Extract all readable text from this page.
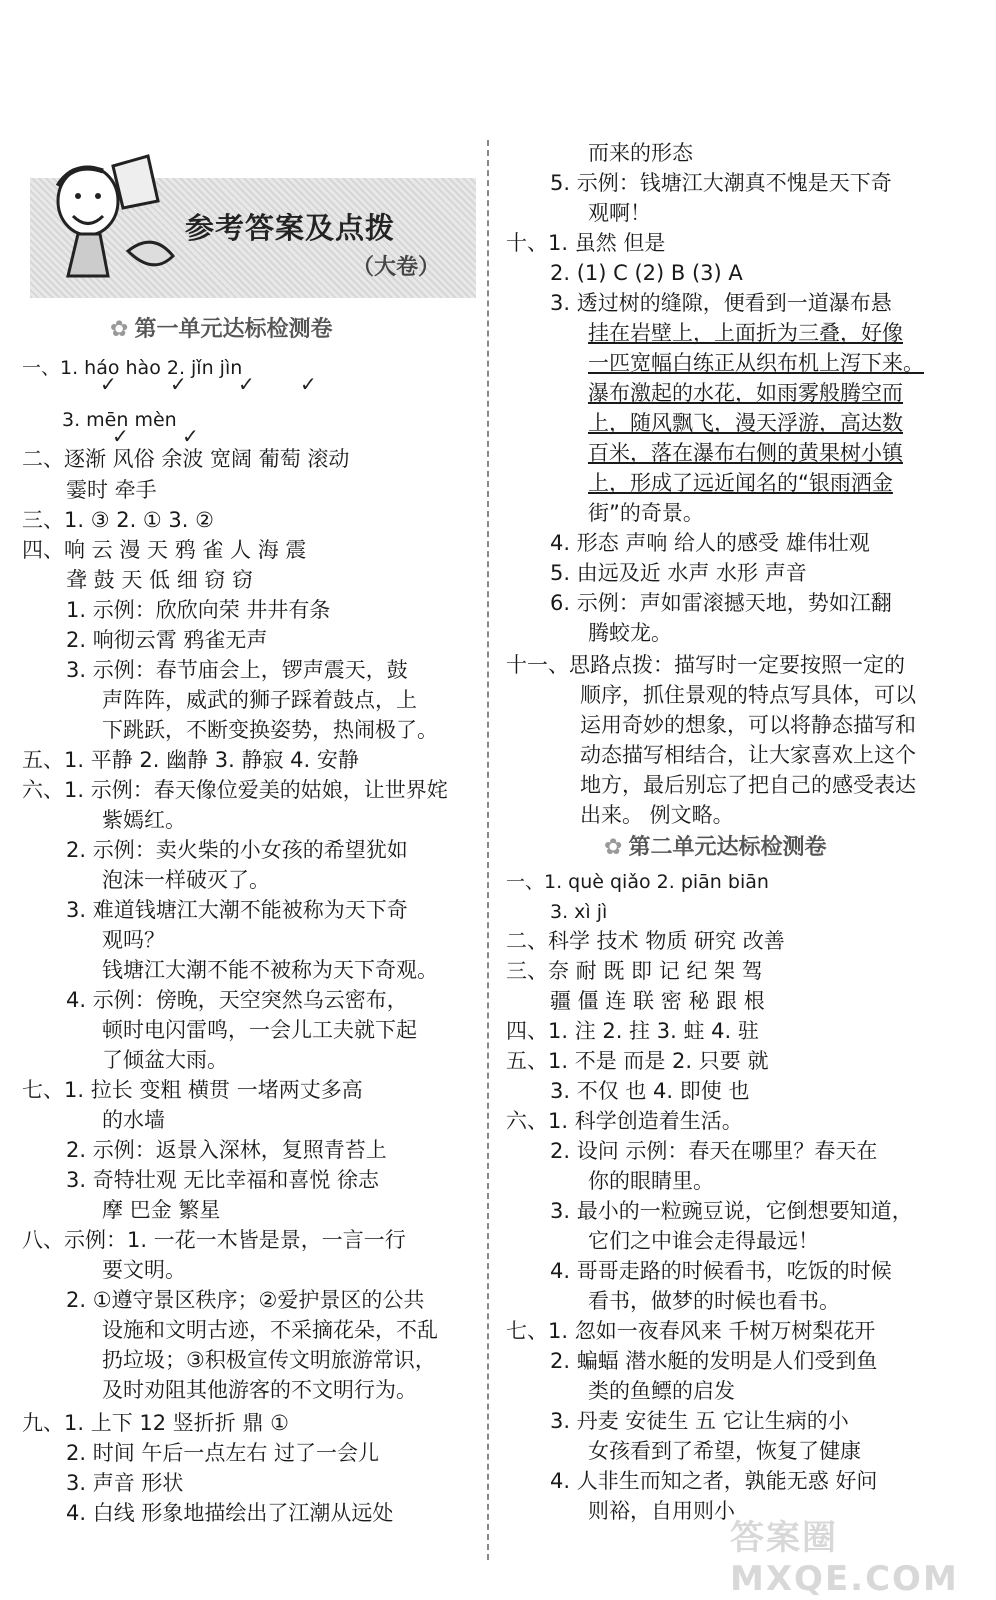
参考答案及点拨
（大卷）
✿ 第一单元达标检测卷
一、1. háo hào 2. jǐn jìn
✓	✓	✓ ✓
3. mēn mèn
✓	✓
二、逐渐 风俗 余波 宽阔 葡萄 滚动
霎时 牵手
三、1. ③ 2. ① 3. ②
四、响 云 漫 天 鸦 雀 人 海 震
聋 鼓 天 低 细 窃 窃
1. 示例：欣欣向荣 井井有条
2. 响彻云霄 鸦雀无声
3. 示例：春节庙会上，锣声震天，鼓
声阵阵，威武的狮子踩着鼓点，上
下跳跃，不断变换姿势，热闹极了。
五、1. 平静 2. 幽静 3. 静寂 4. 安静
六、1. 示例：春天像位爱美的姑娘，让世界姹
紫嫣红。
2. 示例：卖火柴的小女孩的希望犹如
泡沫一样破灭了。
3. 难道钱塘江大潮不能被称为天下奇
观吗？
钱塘江大潮不能不被称为天下奇观。
4. 示例：傍晚，天空突然乌云密布，
顿时电闪雷鸣，一会儿工夫就下起
了倾盆大雨。
七、1. 拉长 变粗 横贯 一堵两丈多高
的水墙
2. 示例：返景入深林，复照青苔上
3. 奇特壮观 无比幸福和喜悦 徐志
摩 巴金 繁星
八、示例：1. 一花一木皆是景，一言一行
要文明。
2. ①遵守景区秩序；②爱护景区的公共
设施和文明古迹，不采摘花朵，不乱
扔垃圾；③积极宣传文明旅游常识，
及时劝阻其他游客的不文明行为。
九、1. 上下 12 竖折折 鼎 ①
2. 时间 午后一点左右 过了一会儿
3. 声音 形状
4. 白线 形象地描绘出了江潮从远处
而来的形态
5. 示例：钱塘江大潮真不愧是天下奇
观啊！
十、1. 虽然 但是
2. (1) C (2) B (3) A
3. 透过树的缝隙，便看到一道瀑布悬
挂在岩壁上，上面折为三叠，好像
一匹宽幅白练正从织布机上泻下来。
瀑布激起的水花，如雨雾般腾空而
上，随风飘飞，漫天浮游，高达数
百米，落在瀑布右侧的黄果树小镇
上，形成了远近闻名的“银雨洒金
街”的奇景。
4. 形态 声响 给人的感受 雄伟壮观
5. 由远及近 水声 水形 声音
6. 示例：声如雷滚撼天地，势如江翻
腾蛟龙。
十一、思路点拨：描写时一定要按照一定的
顺序，抓住景观的特点写具体，可以
运用奇妙的想象，可以将静态描写和
动态描写相结合，让大家喜欢上这个
地方，最后别忘了把自己的感受表达
出来。 例文略。
✿ 第二单元达标检测卷
一、1. què qiǎo 2. piān biān
3. xì jì
二、科学 技术 物质 研究 改善
三、奈 耐 既 即 记 纪 架 驾
疆 僵 连 联 密 秘 跟 根
四、1. 注 2. 拄 3. 蛀 4. 驻
五、1. 不是 而是 2. 只要 就
3. 不仅 也 4. 即使 也
六、1. 科学创造着生活。
2. 设问 示例：春天在哪里？春天在
你的眼睛里。
3. 最小的一粒豌豆说，它倒想要知道，
它们之中谁会走得最远！
4. 哥哥走路的时候看书，吃饭的时候
看书，做梦的时候也看书。
七、1. 忽如一夜春风来 千树万树梨花开
2. 蝙蝠 潜水艇的发明是人们受到鱼
类的鱼鳔的启发
3. 丹麦 安徒生 五 它让生病的小
女孩看到了希望，恢复了健康
4. 人非生而知之者，孰能无惑 好问
则裕，自用则小
答案圈 MXQE.COM
